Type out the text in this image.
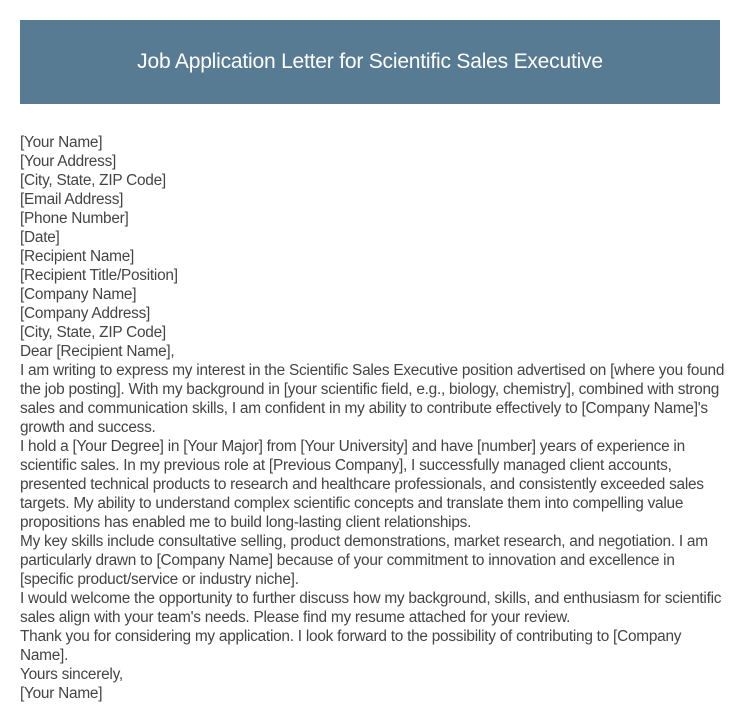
Job Application Letter for Scientific Sales Executive

[Your Name]

[Your Address]

[City, State, ZIP Code]

[Email Address]

[Phone Number]

[Date]

[Recipient Name]

[Recipient Title/Position]

[Company Name]

[Company Address]

[City, State, ZIP Code]

Dear [Recipient Name],

I am writing to express my interest in the Scientific Sales Executive position advertised on [where you found the job posting]. With my background in [your scientific field, e.g., biology, chemistry], combined with strong sales and communication skills, I am confident in my ability to contribute effectively to [Company Name]'s growth and success.

I hold a [Your Degree] in [Your Major] from [Your University] and have [number] years of experience in scientific sales. In my previous role at [Previous Company], I successfully managed client accounts, presented technical products to research and healthcare professionals, and consistently exceeded sales targets. My ability to understand complex scientific concepts and translate them into compelling value propositions has enabled me to build long-lasting client relationships.

My key skills include consultative selling, product demonstrations, market research, and negotiation. I am particularly drawn to [Company Name] because of your commitment to innovation and excellence in [specific product/service or industry niche].

I would welcome the opportunity to further discuss how my background, skills, and enthusiasm for scientific sales align with your team's needs. Please find my resume attached for your review.

Thank you for considering my application. I look forward to the possibility of contributing to [Company Name].

Yours sincerely,

[Your Name]
